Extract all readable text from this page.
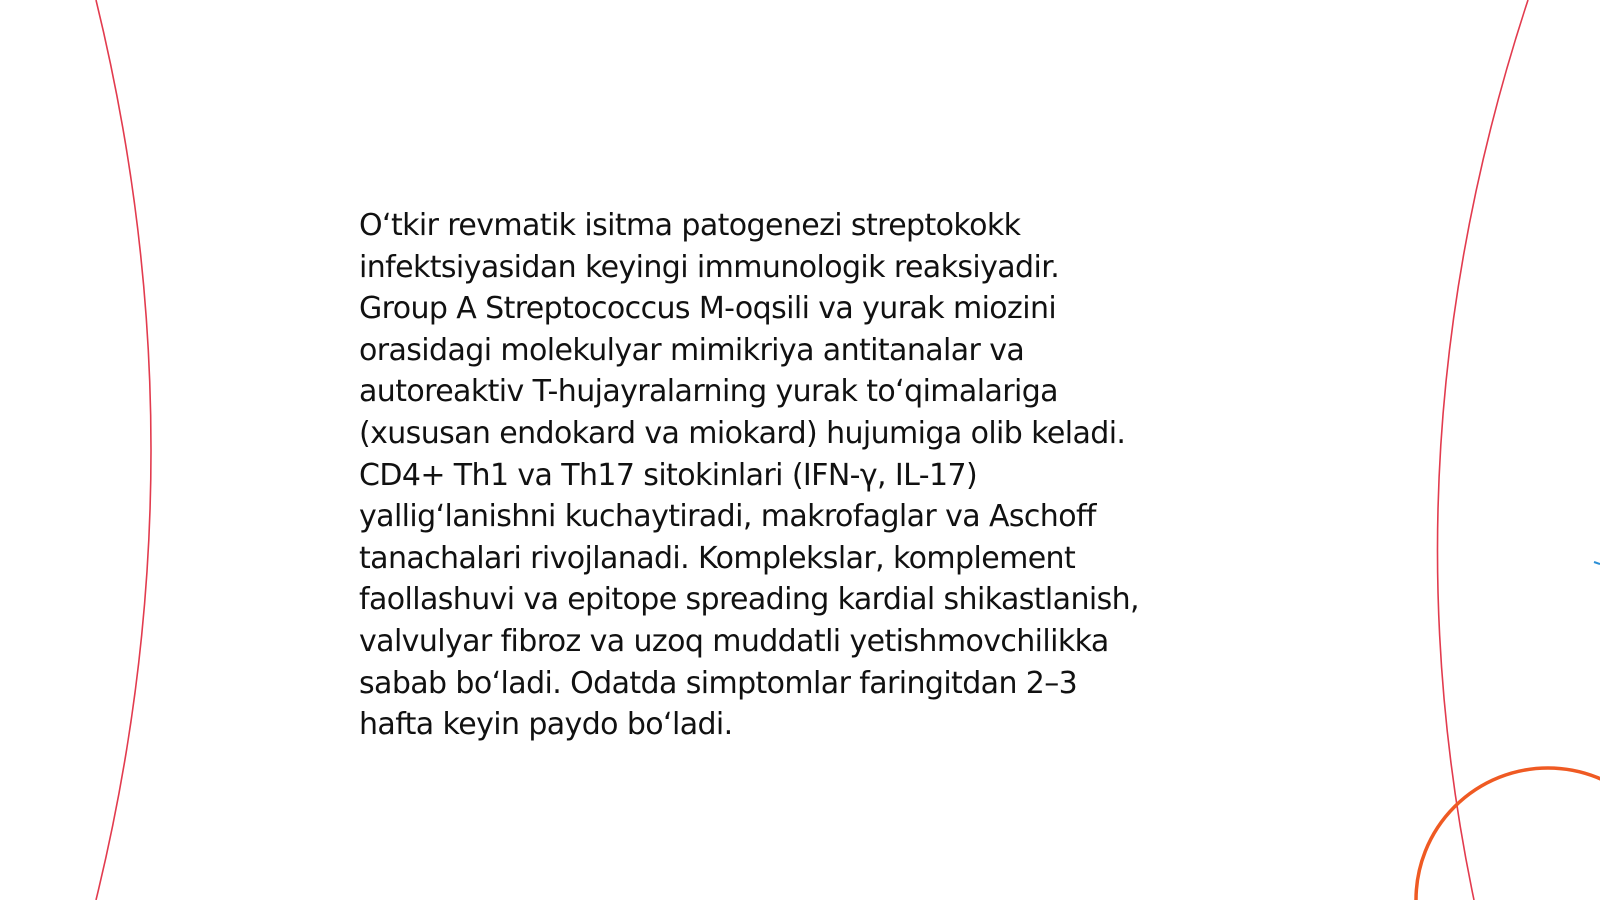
O‘tkir revmatik isitma patogenezi streptokokk
infektsiyasidan keyingi immunologik reaksiyadir.
Group A Streptococcus M-oqsili va yurak miozini
orasidagi molekulyar mimikriya antitanalar va
autoreaktiv T-hujayralarning yurak to‘qimalariga
(xususan endokard va miokard) hujumiga olib keladi.
CD4+ Th1 va Th17 sitokinlari (IFN-γ, IL-17)
yallig‘lanishni kuchaytiradi, makrofaglar va Aschoff
tanachalari rivojlanadi. Komplekslar, komplement
faollashuvi va epitope spreading kardial shikastlanish,
valvulyar fibroz va uzoq muddatli yetishmovchilikka
sabab bo‘ladi. Odatda simptomlar faringitdan 2–3
hafta keyin paydo bo‘ladi.
